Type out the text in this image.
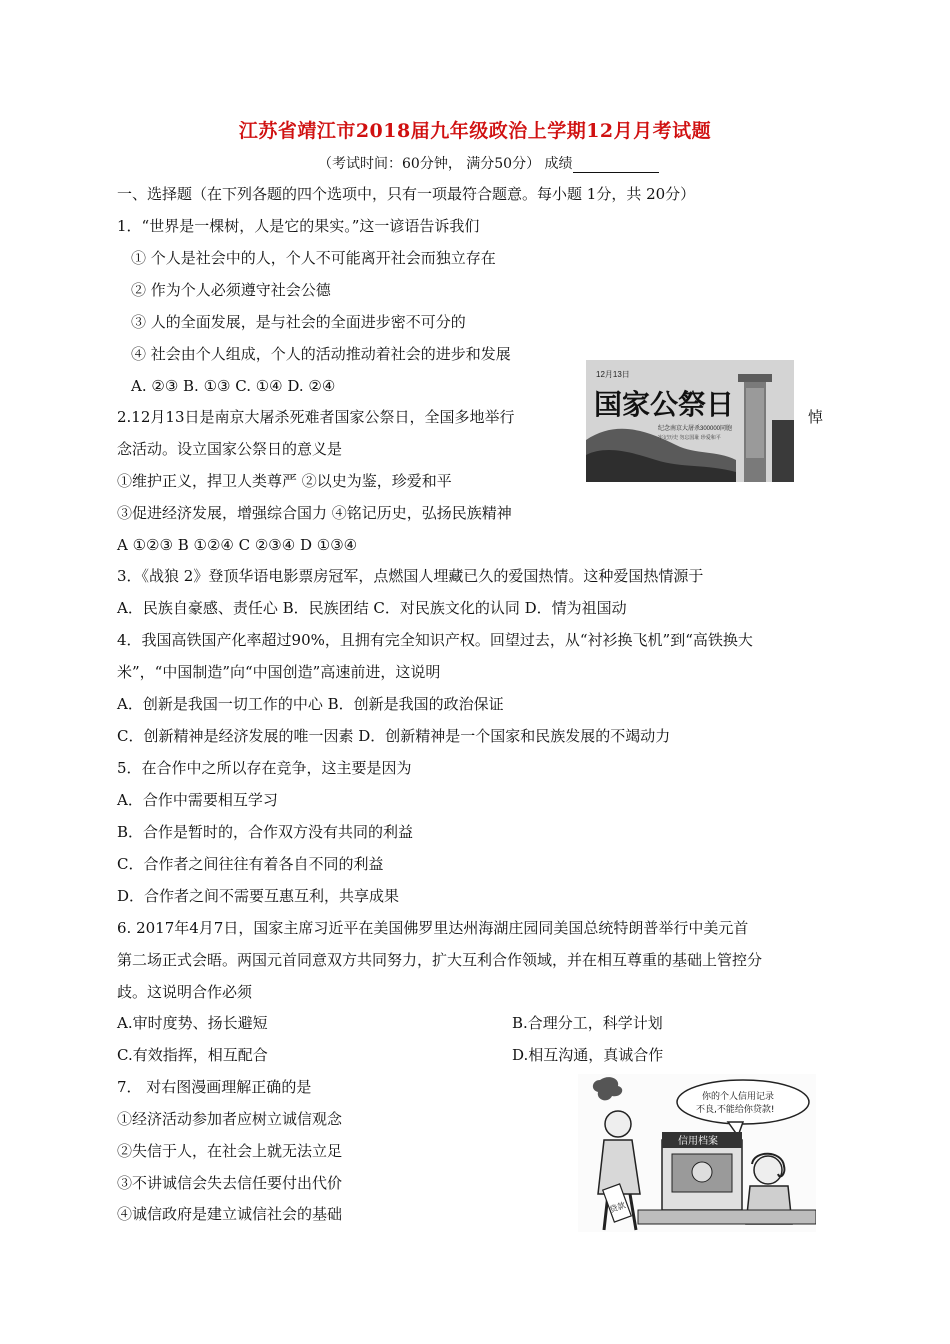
江苏省靖江市2018届九年级政治上学期12月月考试题
（考试时间：60分钟， 满分50分） 成绩
一、选择题（在下列各题的四个选项中，只有一项最符合题意。每小题 1分，共 20分）
1．“世界是一棵树，人是它的果实。”这一谚语告诉我们
① 个人是社会中的人，个人不可能离开社会而独立存在
② 作为个人必须遵守社会公德
③ 人的全面发展，是与社会的全面进步密不可分的
④ 社会由个人组成，个人的活动推动着社会的进步和发展
A. ②③ B. ①③ C. ①④ D. ②④
2.12月13日是南京大屠杀死难者国家公祭日，全国多地举行	悼
念活动。设立国家公祭日的意义是
①维护正义，捍卫人类尊严 ②以史为鉴，珍爱和平
③促进经济发展，增强综合国力 ④铭记历史，弘扬民族精神
A ①②③ B ①②④ C ②③④ D ①③④
12月13日
国家公祭日
纪念南京大屠杀300000同胞
牢记历史 勿忘国耻 珍爱和平
3．《战狼 2》登顶华语电影票房冠军，点燃国人埋藏已久的爱国热情。这种爱国热情源于
A．民族自豪感、责任心 B．民族团结 C．对民族文化的认同 D．情为祖国动
4．我国高铁国产化率超过90%，且拥有完全知识产权。回望过去，从“衬衫换飞机”到“高铁换大
米”，“中国制造”向“中国创造”高速前进，这说明
A．创新是我国一切工作的中心 B．创新是我国的政治保证
C．创新精神是经济发展的唯一因素 D．创新精神是一个国家和民族发展的不竭动力
5．在合作中之所以存在竞争，这主要是因为
A．合作中需要相互学习
B．合作是暂时的，合作双方没有共同的利益
C．合作者之间往往有着各自不同的利益
D．合作者之间不需要互惠互利，共享成果
6. 2017年4月7日，国家主席习近平在美国佛罗里达州海湖庄园同美国总统特朗普举行中美元首
第二场正式会晤。两国元首同意双方共同努力，扩大互利合作领域，并在相互尊重的基础上管控分
歧。这说明合作必须
A.审时度势、扬长避短	B.合理分工，科学计划
C.有效指挥，相互配合	D.相互沟通，真诚合作
7． 对右图漫画理解正确的是
①经济活动参加者应树立诚信观念
②失信于人，在社会上就无法立足
③不讲诚信会失去信任要付出代价
④诚信政府是建立诚信社会的基础
你的个人信用记录
不良,不能给你贷款!
贷款
信用档案
